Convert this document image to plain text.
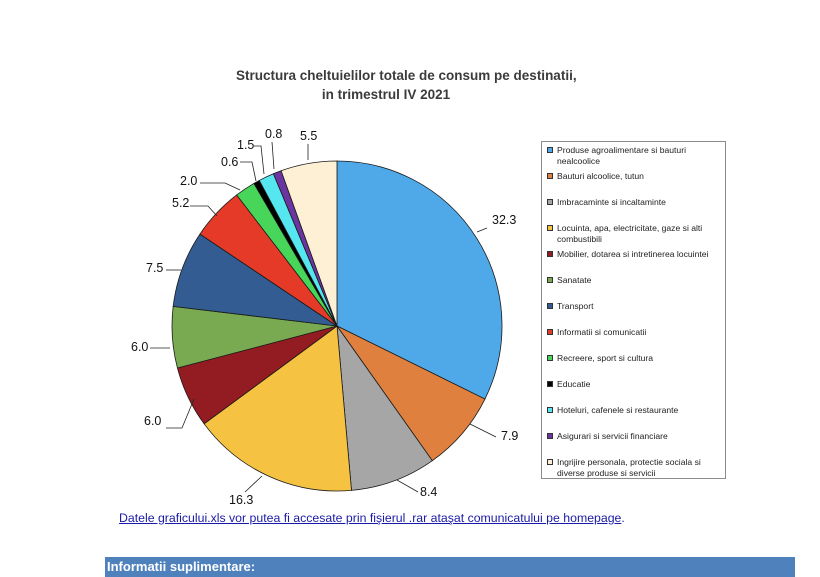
Structura cheltuielilor totale de consum pe destinatii,
in trimestrul IV 2021
32.3
7.9
8.4
16.3
6.0
6.0
7.5
5.2
2.0
0.6
1.5
0.8 5.5
Produse agroalimentare si bauturi nealcoolice
Bauturi alcoolice, tutun
Imbracaminte si incaltaminte
Locuinta, apa, electricitate, gaze si alti combustibili
Mobilier, dotarea si intretinerea locuintei
Sanatate
Transport
Informatii si comunicatii
Recreere, sport si cultura
Educatie
Hoteluri, cafenele si restaurante
Asigurari si servicii financiare
Ingrijire personala, protectie sociala si diverse produse si servicii
Datele graficului.xls vor putea fi accesate prin fişierul .rar ataşat comunicatului pe homepage.
Informatii suplimentare:
